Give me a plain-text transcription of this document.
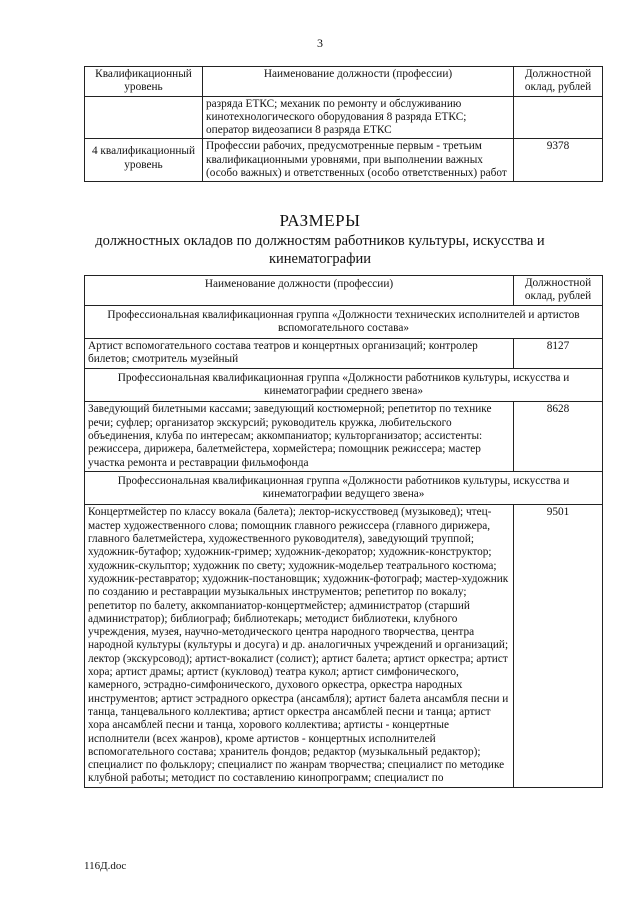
3
Квалификационный уровень	Наименование должности (профессии)	Должностной оклад, рублей
	разряда ЕТКС; механик по ремонту и обслуживанию кинотехнологического оборудования 8 разряда ЕТКС; оператор видеозаписи 8 разряда ЕТКС	
4 квалификационный уровень	Профессии рабочих, предусмотренные первым - третьим квалификационными уровнями, при выполнении важных (особо важных) и ответственных (особо ответственных) работ	9378
РАЗМЕРЫ
должностных окладов по должностям работников культуры, искусства и кинематографии
Наименование должности (профессии)	Должностной оклад, рублей
Профессиональная квалификационная группа «Должности технических исполнителей и артистов вспомогательного состава»	
Артист вспомогательного состава театров и концертных организаций; контролер билетов; смотритель музейный	8127
Профессиональная квалификационная группа «Должности работников культуры, искусства и кинематографии среднего звена»	
Заведующий билетными кассами; заведующий костюмерной; репетитор по технике речи; суфлер; организатор экскурсий; руководитель кружка, любительского объединения, клуба по интересам; аккомпаниатор; культорганизатор; ассистенты: режиссера, дирижера, балетмейстера, хормейстера; помощник режиссера; мастер участка ремонта и реставрации фильмофонда	8628
Профессиональная квалификационная группа «Должности работников культуры, искусства и кинематографии ведущего звена»	
Концертмейстер по классу вокала (балета); лектор-искусствовед (музыковед); чтец-мастер художественного слова; помощник главного режиссера (главного дирижера, главного балетмейстера, художественного руководителя), заведующий труппой; художник-бутафор; художник-гример; художник-декоратор; художник-конструктор; художник-скульптор; художник по свету; художник-модельер театрального костюма; художник-реставратор; художник-постановщик; художник-фотограф; мастер-художник по созданию и реставрации музыкальных инструментов; репетитор по вокалу; репетитор по балету, аккомпаниатор-концертмейстер; администратор (старший администратор); библиограф; библиотекарь; методист библиотеки, клубного учреждения, музея, научно-методического центра народного творчества, центра народной культуры (культуры и досуга) и др. аналогичных учреждений и организаций; лектор (экскурсовод); артист-вокалист (солист); артист балета; артист оркестра; артист хора; артист драмы; артист (кукловод) театра кукол; артист симфонического, камерного, эстрадно-симфонического, духового оркестра, оркестра народных инструментов; артист эстрадного оркестра (ансамбля); артист балета ансамбля песни и танца, танцевального коллектива; артист оркестра ансамблей песни и танца; артист хора ансамблей песни и танца, хорового коллектива; артисты - концертные исполнители (всех жанров), кроме артистов - концертных исполнителей вспомогательного состава; хранитель фондов; редактор (музыкальный редактор); специалист по фольклору; специалист по жанрам творчества; специалист по методике клубной работы; методист по составлению кинопрограмм; специалист по	9501
116Д.doc
